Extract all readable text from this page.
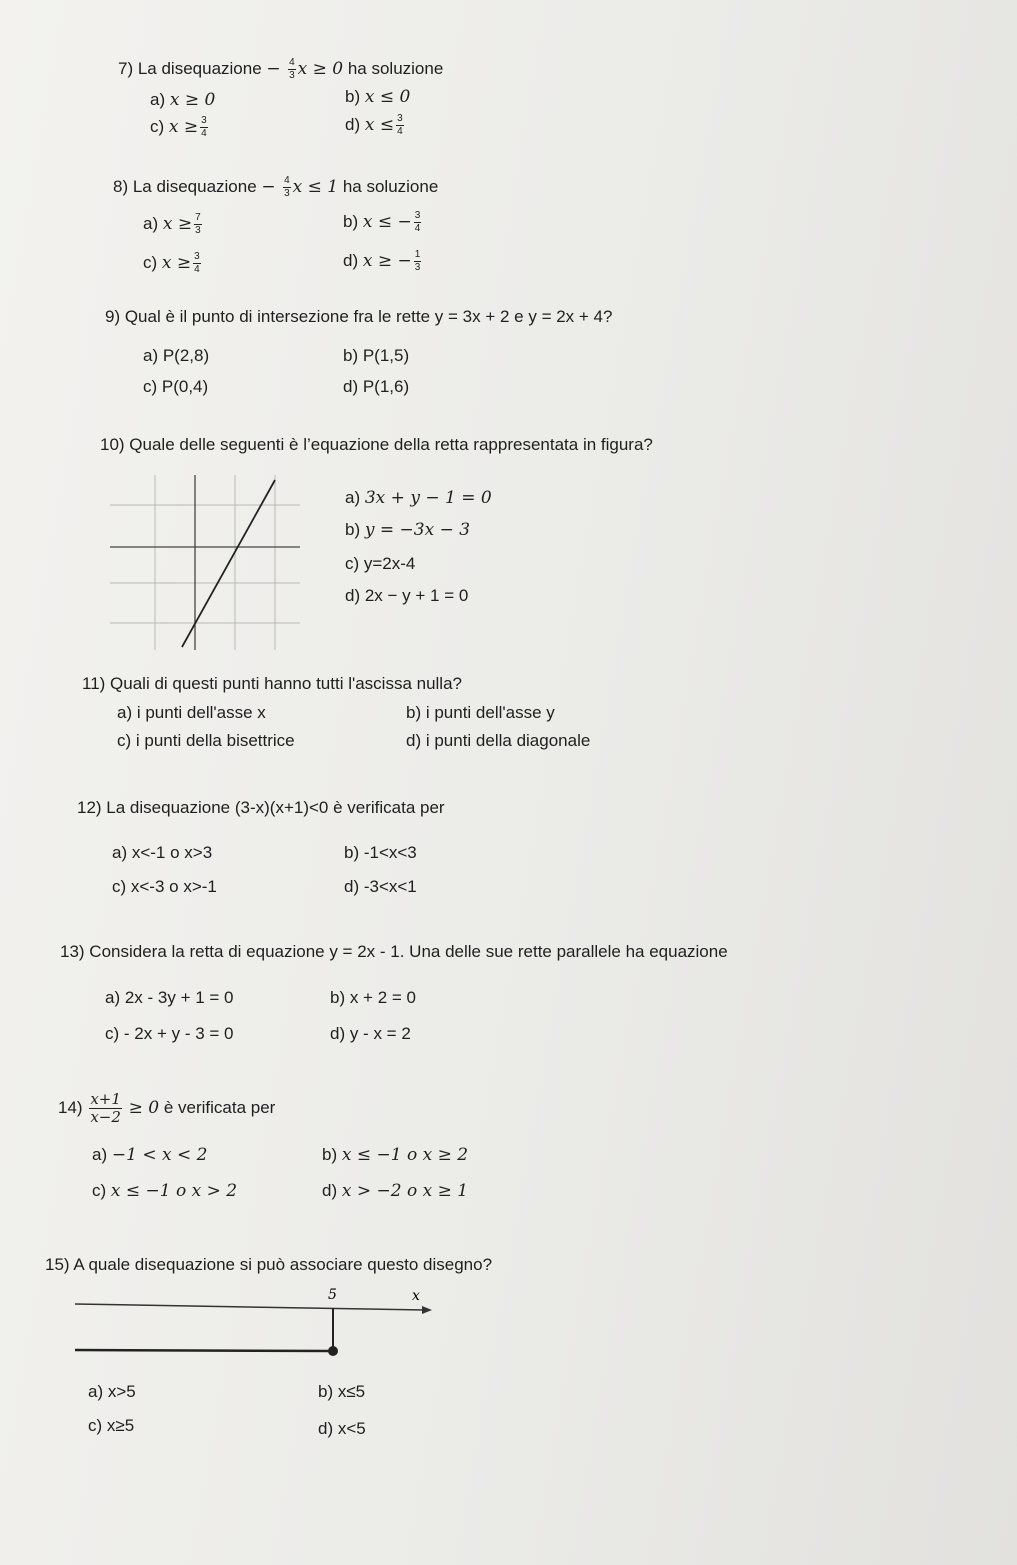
7) La disequazione − $\frac{4}{3}$ x ≥ 0 ha soluzione
a) x ≥ 0	b) x ≤ 0
c) $x \ge \frac{3}{4}$	d) $x \le \frac{3}{4}$
8) La disequazione − $\frac{4}{3}$ x ≤ 1 ha soluzione
a) $x \ge \frac{7}{3}$	b) x ≤ − $\frac{3}{4}$
c) $x \ge \frac{3}{4}$	d) x ≥ − $\frac{1}{3}$
9) Qual è il punto di intersezione fra le rette y = 3x + 2 e y = 2x + 4?
a) P(2,8)	b) P(1,5)
c) P(0,4)	d) P(1,6)
10) Quale delle seguenti è l’equazione della retta rappresentata in figura?
a) 3x + y − 1 = 0
b) y = −3x − 3
c) y=2x-4
d) 2x − y + 1 = 0
11) Quali di questi punti hanno tutti l'ascissa nulla?
a) i punti dell'asse x	b) i punti dell'asse y
c) i punti della bisettrice	d) i punti della diagonale
12) La disequazione (3-x)(x+1)<0 è verificata per
a) x<-1 o x>3	b) -1<x<3
c) x<-3 o x>-1	d) -3<x<1
13) Considera la retta di equazione y = 2x - 1. Una delle sue rette parallele ha equazione
a) 2x - 3y + 1 = 0	b) x + 2 = 0
c) - 2x + y - 3 = 0	d) y - x = 2
$14) \frac{x+1}{x-2} \ge 0$ è verificata per
a) −1 < x < 2	b) x ≤ −1 o x ≥ 2
c) x ≤ −1 o x > 2	d) x > −2 o x ≥ 1
15) A quale disequazione si può associare questo disegno?
5	x
a) x>5	b) x≤5
c) x≥5	d) x<5
